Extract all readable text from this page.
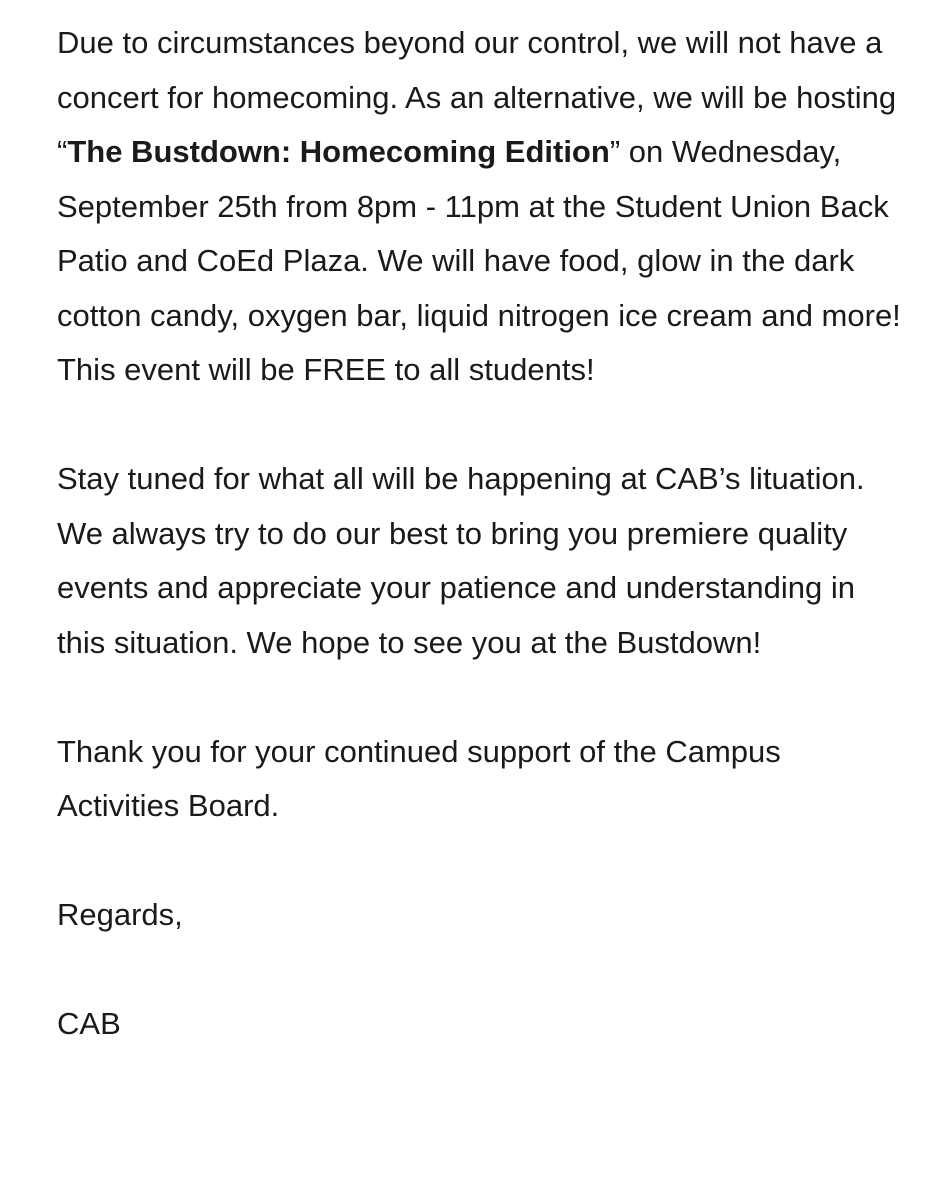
Due to circumstances beyond our control, we will not have a concert for homecoming. As an alternative, we will be hosting “The Bustdown: Homecoming Edition” on Wednesday, September 25th from 8pm - 11pm at the Student Union Back Patio and CoEd Plaza. We will have food, glow in the dark cotton candy, oxygen bar, liquid nitrogen ice cream and more! This event will be FREE to all students!

Stay tuned for what all will be happening at CAB’s lituation. We always try to do our best to bring you premiere quality events and appreciate your patience and understanding in this situation. We hope to see you at the Bustdown!

Thank you for your continued support of the Campus Activities Board.

Regards,

CAB
